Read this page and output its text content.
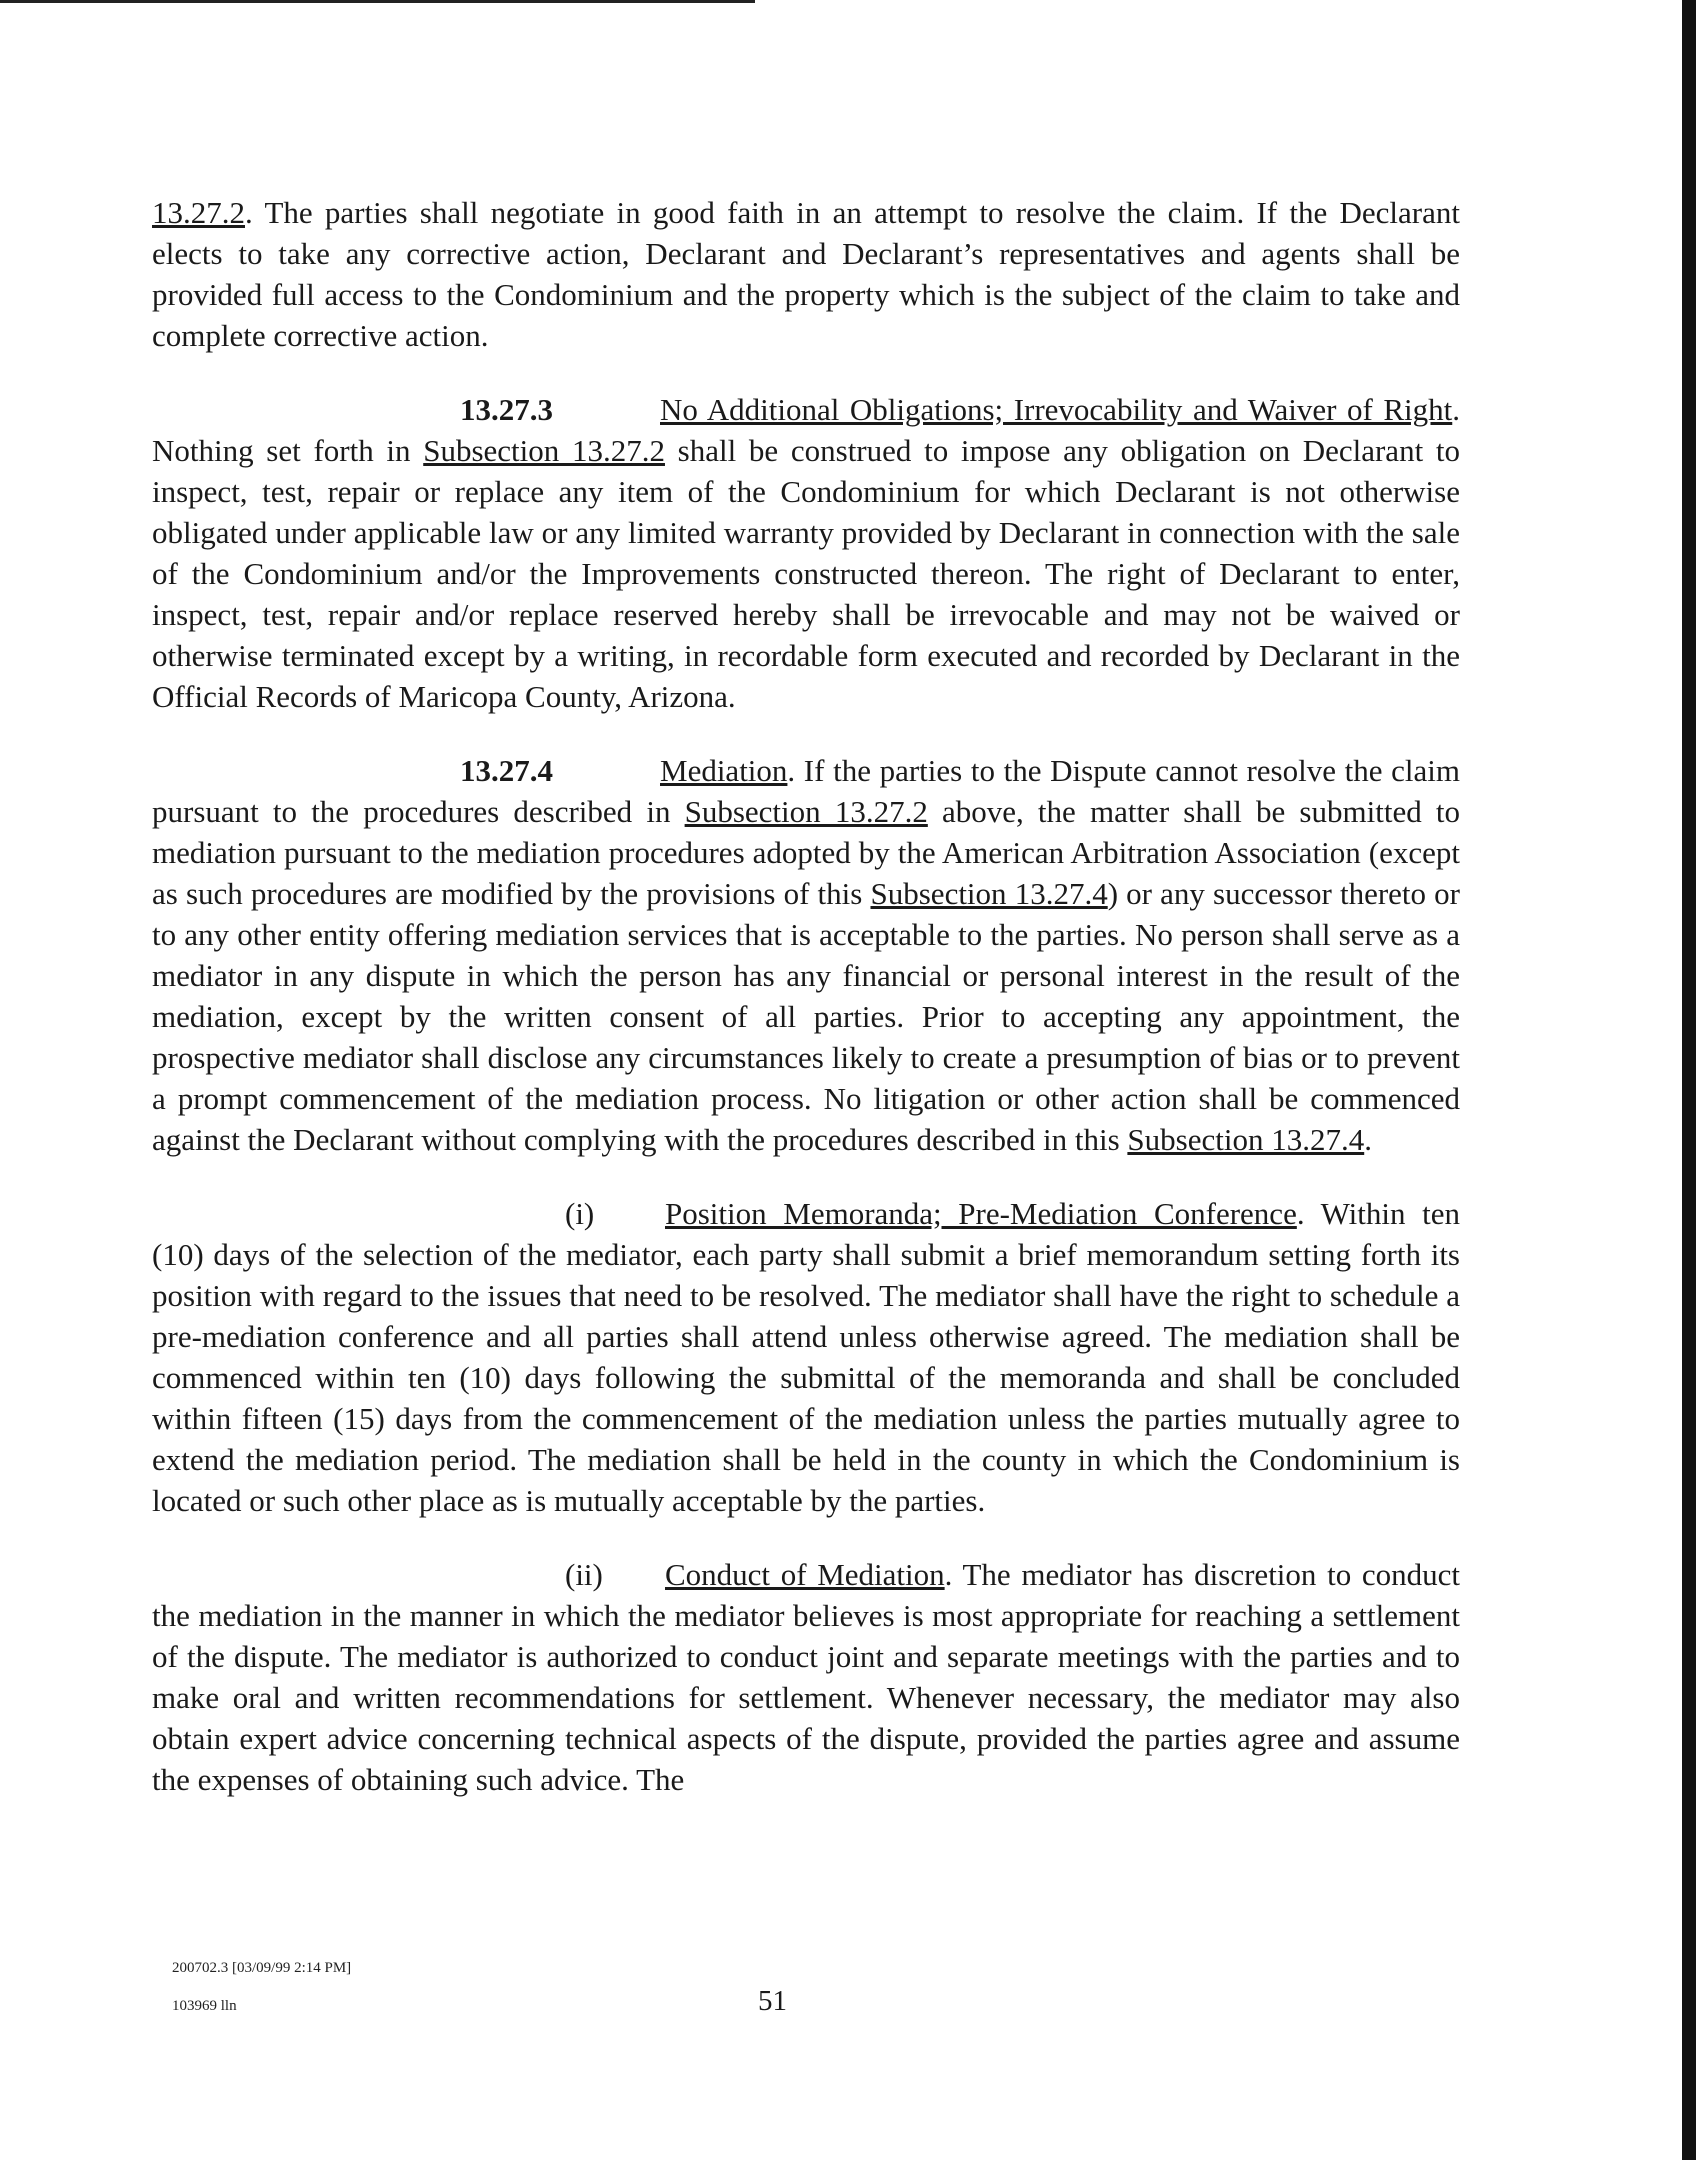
13.27.2. The parties shall negotiate in good faith in an attempt to resolve the claim. If the Declarant elects to take any corrective action, Declarant and Declarant’s representatives and agents shall be provided full access to the Condominium and the property which is the subject of the claim to take and complete corrective action.

13.27.3	No Additional Obligations; Irrevocability and Waiver of Right. Nothing set forth in Subsection 13.27.2 shall be construed to impose any obligation on Declarant to inspect, test, repair or replace any item of the Condominium for which Declarant is not otherwise obligated under applicable law or any limited warranty provided by Declarant in connection with the sale of the Condominium and/or the Improvements constructed thereon. The right of Declarant to enter, inspect, test, repair and/or replace reserved hereby shall be irrevocable and may not be waived or otherwise terminated except by a writing, in recordable form executed and recorded by Declarant in the Official Records of Maricopa County, Arizona.

13.27.4	Mediation. If the parties to the Dispute cannot resolve the claim pursuant to the procedures described in Subsection 13.27.2 above, the matter shall be submitted to mediation pursuant to the mediation procedures adopted by the American Arbitration Association (except as such procedures are modified by the provisions of this Subsection 13.27.4) or any successor thereto or to any other entity offering mediation services that is acceptable to the parties. No person shall serve as a mediator in any dispute in which the person has any financial or personal interest in the result of the mediation, except by the written consent of all parties. Prior to accepting any appointment, the prospective mediator shall disclose any circumstances likely to create a presumption of bias or to prevent a prompt commencement of the mediation process. No litigation or other action shall be commenced against the Declarant without complying with the procedures described in this Subsection 13.27.4.

(i) Position Memoranda; Pre-Mediation Conference. Within ten (10) days of the selection of the mediator, each party shall submit a brief memorandum setting forth its position with regard to the issues that need to be resolved. The mediator shall have the right to schedule a pre-mediation conference and all parties shall attend unless otherwise agreed. The mediation shall be commenced within ten (10) days following the submittal of the memoranda and shall be concluded within fifteen (15) days from the commencement of the mediation unless the parties mutually agree to extend the mediation period. The mediation shall be held in the county in which the Condominium is located or such other place as is mutually acceptable by the parties.

(ii) Conduct of Mediation. The mediator has discretion to conduct the mediation in the manner in which the mediator believes is most appropriate for reaching a settlement of the dispute. The mediator is authorized to conduct joint and separate meetings with the parties and to make oral and written recommendations for settlement. Whenever necessary, the mediator may also obtain expert advice concerning technical aspects of the dispute, provided the parties agree and assume the expenses of obtaining such advice. The

200702.3 [03/09/99 2:14 PM]
103969 lln	51
